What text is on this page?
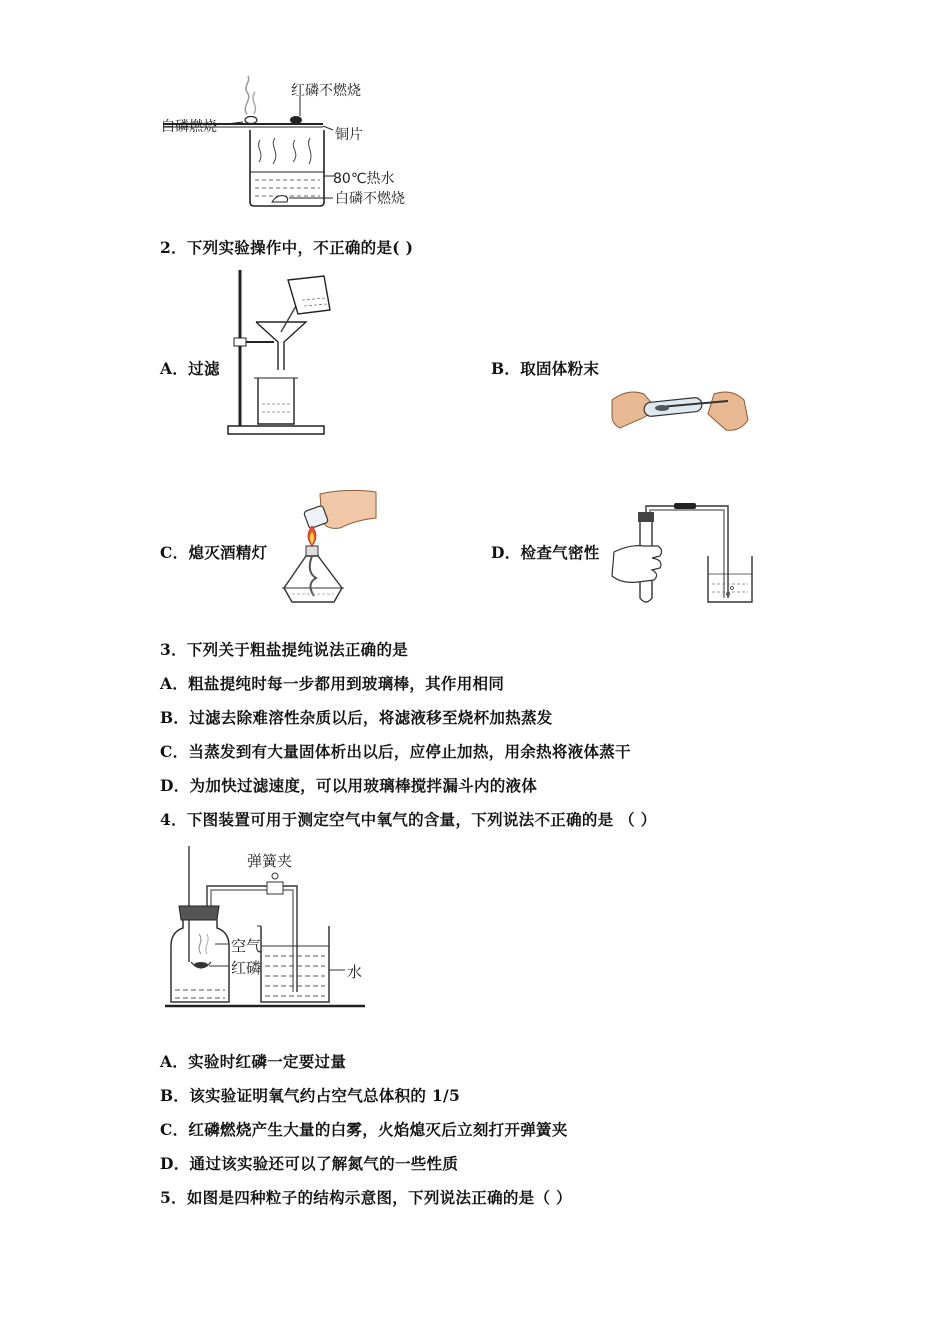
红磷不燃烧
白磷燃烧	铜片
80℃热水
白磷不燃烧
2．下列实验操作中，不正确的是( )
A．过滤	B．取固体粉末
C．熄灭酒精灯	D．检查气密性
3．下列关于粗盐提纯说法正确的是
A．粗盐提纯时每一步都用到玻璃棒，其作用相同
B．过滤去除难溶性杂质以后，将滤液移至烧杯加热蒸发
C．当蒸发到有大量固体析出以后，应停止加热，用余热将液体蒸干
D．为加快过滤速度，可以用玻璃棒搅拌漏斗内的液体
4．下图装置可用于测定空气中氧气的含量，下列说法不正确的是 （ ）
弹簧夹
空气
红磷	水
A．实验时红磷一定要过量
B．该实验证明氧气约占空气总体积的 1/5
C．红磷燃烧产生大量的白雾，火焰熄灭后立刻打开弹簧夹
D．通过该实验还可以了解氮气的一些性质
5．如图是四种粒子的结构示意图，下列说法正确的是（ ）
